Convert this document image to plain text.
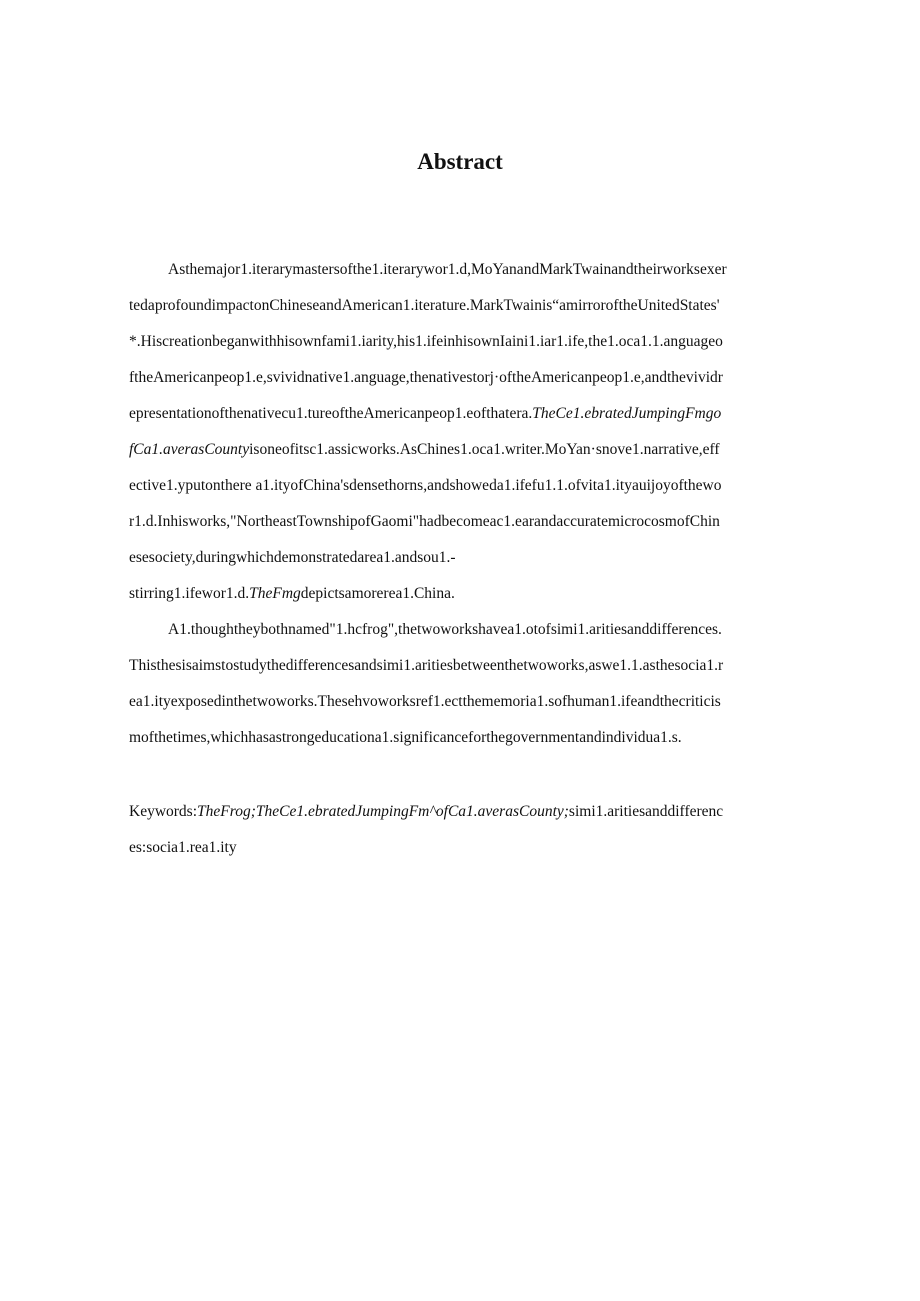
Abstract

Asthemajor1.iterarymastersofthe1.iterarywor1.d,MoYanandMarkTwainandtheirworksexer

tedaprofoundimpactonChineseandAmerican1.iterature.MarkTwainis“amirroroftheUnitedStates'

*.Hiscreationbeganwithhisownfami1.iarity,his1.ifeinhisownIaini1.iar1.ife,the1.oca1.1.anguageo

ftheAmericanpeop1.e,svividnative1.anguage,thenativestorj·oftheAmericanpeop1.e,andthevividr

epresentationofthenativecu1.tureoftheAmericanpeop1.eofthatera.TheCe1.ebratedJumpingFmgo

fCa1.averasCountyisoneofitsc1.assicworks.AsChines1.oca1.writer.MoYan·snove1.narrative,eff

ective1.yputonthere a1.ityofChina'sdensethorns,andshoweda1.ifefu1.1.ofvita1.ityauijoyofthewo

r1.d.Inhisworks,"NortheastTownshipofGaomi"hadbecomeac1.earandaccuratemicrocosmofChin

esesociety,duringwhichdemonstratedarea1.andsou1.-

stirring1.ifewor1.d.TheFmgdepictsamorerea1.China.

A1.thoughtheybothnamed"1.hcfrog",thetwoworkshavea1.otofsimi1.aritiesanddifferences.

Thisthesisaimstostudythedifferencesandsimi1.aritiesbetweenthetwoworks,aswe1.1.asthesocia1.r

ea1.ityexposedinthetwoworks.Thesehvoworksref1.ectthememoria1.sofhuman1.ifeandthecriticis

mofthetimes,whichhasastrongeducationa1.significanceforthegovernmentandindividua1.s.

Keywords:TheFrog;TheCe1.ebratedJumpingFm^ofCa1.averasCounty;simi1.aritiesanddifferenc

es:socia1.rea1.ity
